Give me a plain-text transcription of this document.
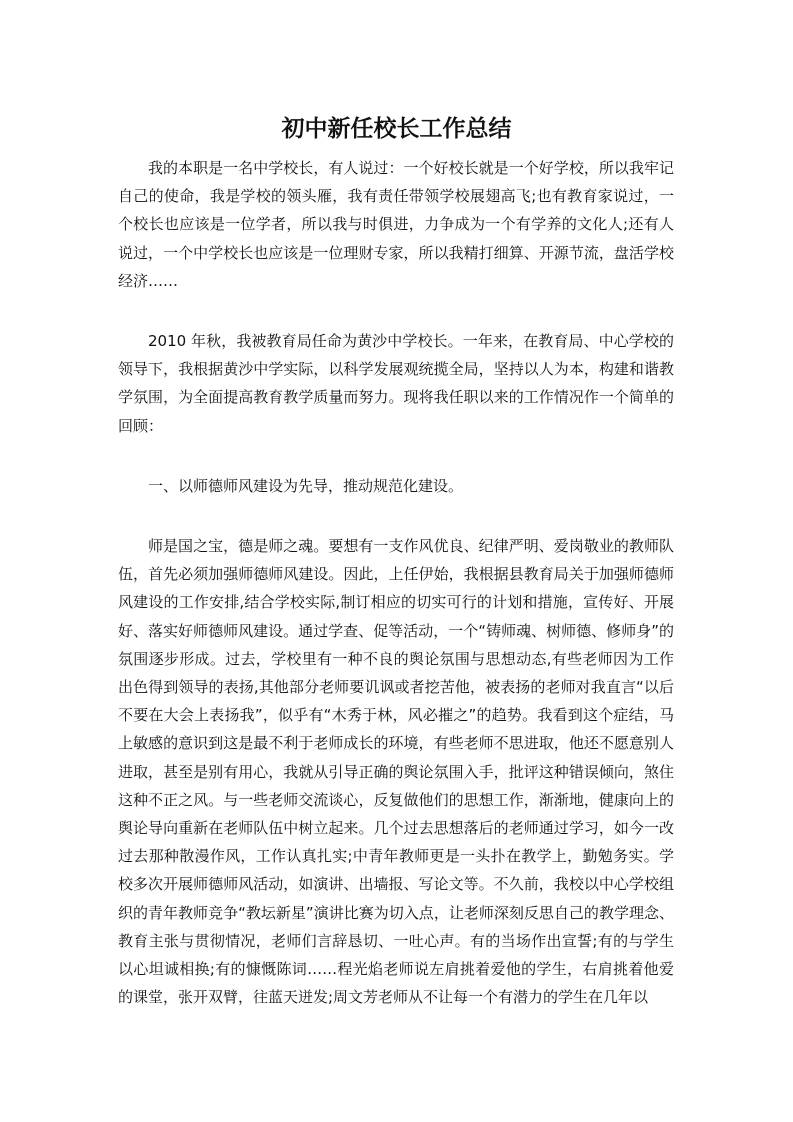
初中新任校长工作总结

我的本职是一名中学校长，有人说过：一个好校长就是一个好学校，所以我牢记自己的使命，我是学校的领头雁，我有责任带领学校展翅高飞;也有教育家说过，一个校长也应该是一位学者，所以我与时俱进，力争成为一个有学养的文化人;还有人说过，一个中学校长也应该是一位理财专家，所以我精打细算、开源节流，盘活学校经济……

2010 年秋，我被教育局任命为黄沙中学校长。一年来，在教育局、中心学校的领导下，我根据黄沙中学实际，以科学发展观统揽全局，坚持以人为本，构建和谐教学氛围，为全面提高教育教学质量而努力。现将我任职以来的工作情况作一个简单的回顾：

一、以师德师风建设为先导，推动规范化建设。

师是国之宝，德是师之魂。要想有一支作风优良、纪律严明、爱岗敬业的教师队伍，首先必须加强师德师风建设。因此，上任伊始，我根据县教育局关于加强师德师风建设的工作安排,结合学校实际,制订相应的切实可行的计划和措施，宣传好、开展好、落实好师德师风建设。通过学查、促等活动，一个“铸师魂、树师德、修师身”的氛围逐步形成。过去，学校里有一种不良的舆论氛围与思想动态,有些老师因为工作出色得到领导的表扬,其他部分老师要讥讽或者挖苦他，被表扬的老师对我直言“以后不要在大会上表扬我”，似乎有“木秀于林，风必摧之”的趋势。我看到这个症结，马上敏感的意识到这是最不利于老师成长的环境，有些老师不思进取，他还不愿意别人进取，甚至是别有用心，我就从引导正确的舆论氛围入手，批评这种错误倾向，煞住这种不正之风。与一些老师交流谈心，反复做他们的思想工作，渐渐地，健康向上的舆论导向重新在老师队伍中树立起来。几个过去思想落后的老师通过学习，如今一改过去那种散漫作风，工作认真扎实;中青年教师更是一头扑在教学上，勤勉务实。学校多次开展师德师风活动，如演讲、出墙报、写论文等。不久前，我校以中心学校组织的青年教师竞争“教坛新星”演讲比赛为切入点，让老师深刻反思自己的教学理念、教育主张与贯彻情况，老师们言辞恳切、一吐心声。有的当场作出宣誓;有的与学生以心坦诚相换;有的慷慨陈词……程光焰老师说左肩挑着爱他的学生，右肩挑着他爱的课堂，张开双臂，往蓝天迸发;周文芳老师从不让每一个有潜力的学生在几年以
